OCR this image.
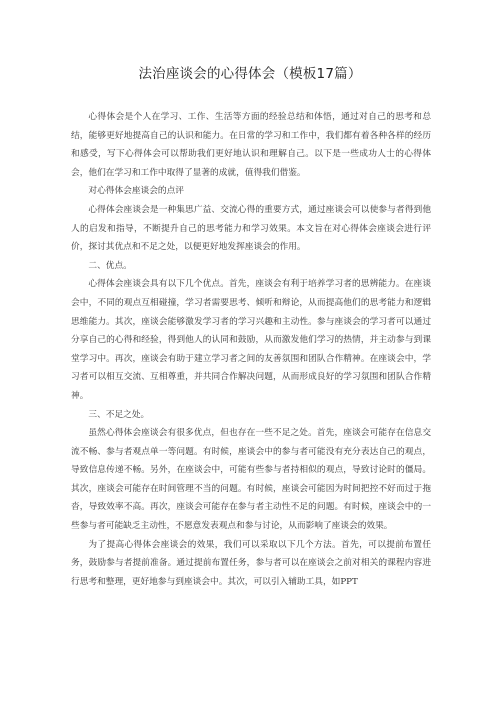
法治座谈会的心得体会（模板17篇）

心得体会是个人在学习、工作、生活等方面的经验总结和体悟，通过对自己的思考和总结，能够更好地提高自己的认识和能力。在日常的学习和工作中，我们都有着各种各样的经历和感受，写下心得体会可以帮助我们更好地认识和理解自己。以下是一些成功人士的心得体会，他们在学习和工作中取得了显著的成就，值得我们借鉴。

对心得体会座谈会的点评

心得体会座谈会是一种集思广益、交流心得的重要方式，通过座谈会可以使参与者得到他人的启发和指导，不断提升自己的思考能力和学习效果。本文旨在对心得体会座谈会进行评价，探讨其优点和不足之处，以便更好地发挥座谈会的作用。

二、优点。

心得体会座谈会具有以下几个优点。首先，座谈会有利于培养学习者的思辨能力。在座谈会中，不同的观点互相碰撞，学习者需要思考、倾听和辩论，从而提高他们的思考能力和逻辑思维能力。其次，座谈会能够激发学习者的学习兴趣和主动性。参与座谈会的学习者可以通过分享自己的心得和经验，得到他人的认同和鼓励，从而激发他们学习的热情，并主动参与到课堂学习中。再次，座谈会有助于建立学习者之间的友善氛围和团队合作精神。在座谈会中，学习者可以相互交流、互相尊重，并共同合作解决问题，从而形成良好的学习氛围和团队合作精神。

三、不足之处。

虽然心得体会座谈会有很多优点，但也存在一些不足之处。首先，座谈会可能存在信息交流不畅、参与者观点单一等问题。有时候，座谈会中的参与者可能没有充分表达自己的观点，导致信息传递不畅。另外，在座谈会中，可能有些参与者持相似的观点，导致讨论时的僵局。其次，座谈会可能存在时间管理不当的问题。有时候，座谈会可能因为时间把控不好而过于拖沓，导致效率不高。再次，座谈会可能存在参与者主动性不足的问题。有时候，座谈会中的一些参与者可能缺乏主动性，不愿意发表观点和参与讨论，从而影响了座谈会的效果。

为了提高心得体会座谈会的效果，我们可以采取以下几个方法。首先，可以提前布置任务，鼓励参与者提前准备。通过提前布置任务，参与者可以在座谈会之前对相关的课程内容进行思考和整理，更好地参与到座谈会中。其次，可以引入辅助工具，如PPT
